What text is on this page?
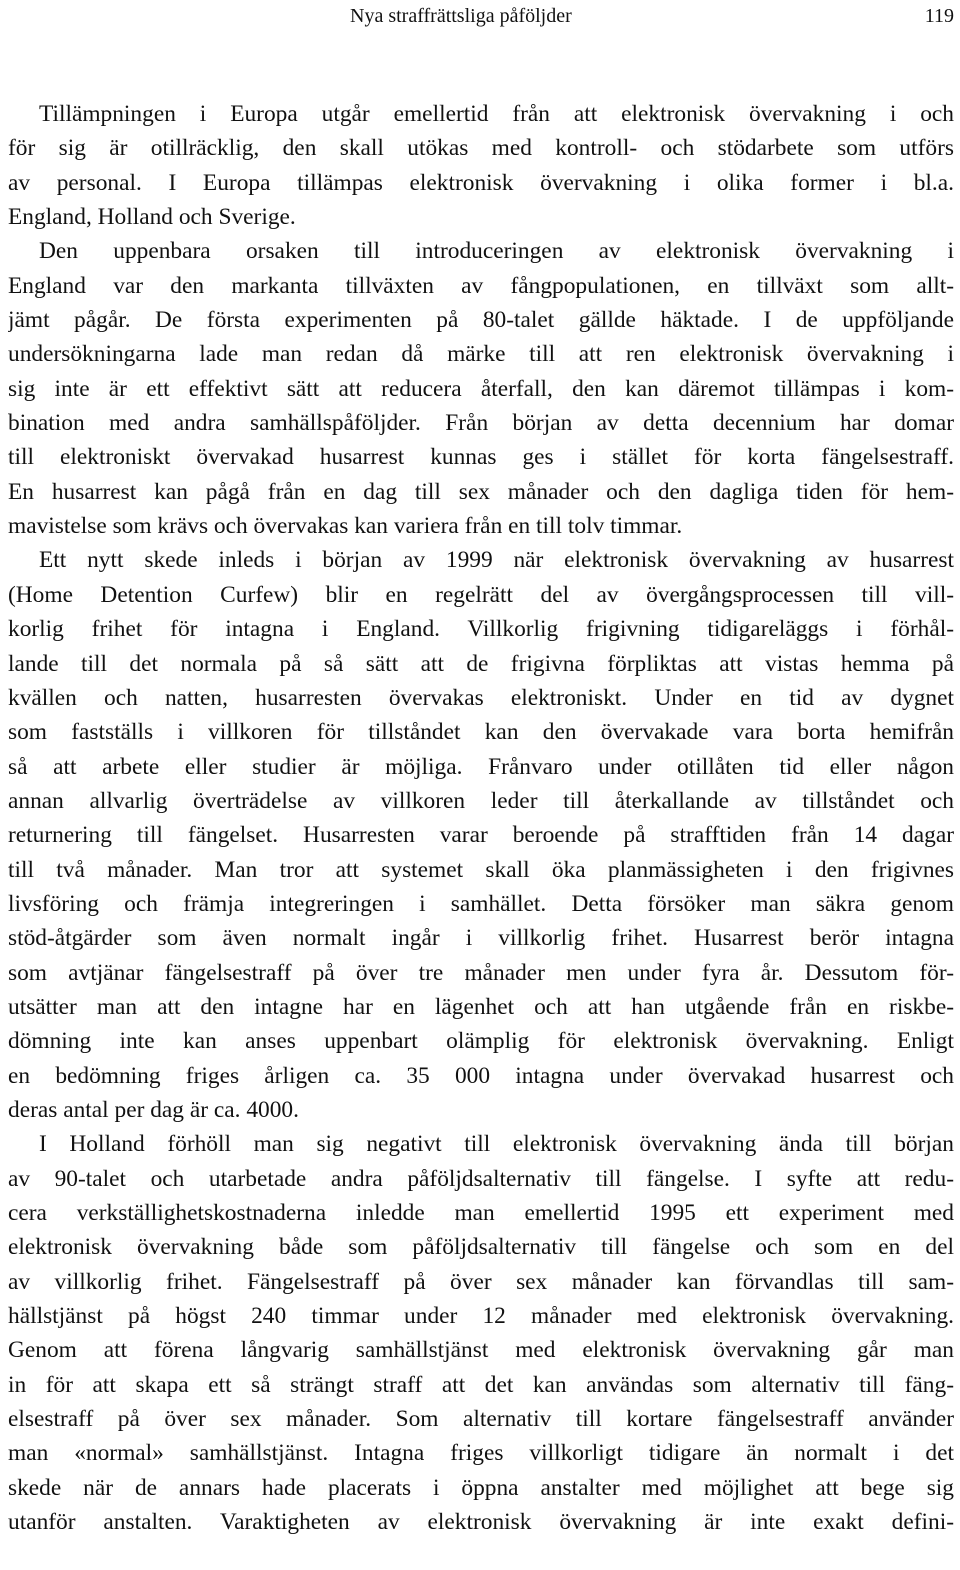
Nya straffrättsliga påföljder	119
Tillämpningen i Europa utgår emellertid från att elektronisk övervakning i och
för sig är otillräcklig, den skall utökas med kontroll- och stödarbete som utförs
av personal. I Europa tillämpas elektronisk övervakning i olika former i bl.a.
England, Holland och Sverige.
Den uppenbara orsaken till introduceringen av elektronisk övervakning i
England var den markanta tillväxten av fångpopulationen, en tillväxt som allt-
jämt pågår. De första experimenten på 80-talet gällde häktade. I de uppföljande
undersökningarna lade man redan då märke till att ren elektronisk övervakning i
sig inte är ett effektivt sätt att reducera återfall, den kan däremot tillämpas i kom-
bination med andra samhällspåföljder. Från början av detta decennium har domar
till elektroniskt övervakad husarrest kunnas ges i stället för korta fängelsestraff.
En husarrest kan pågå från en dag till sex månader och den dagliga tiden för hem-
mavistelse som krävs och övervakas kan variera från en till tolv timmar.
Ett nytt skede inleds i början av 1999 när elektronisk övervakning av husarrest
(Home Detention Curfew) blir en regelrätt del av övergångsprocessen till vill-
korlig frihet för intagna i England. Villkorlig frigivning tidigareläggs i förhål-
lande till det normala på så sätt att de frigivna förpliktas att vistas hemma på
kvällen och natten, husarresten övervakas elektroniskt. Under en tid av dygnet
som fastställs i villkoren för tillståndet kan den övervakade vara borta hemifrån
så att arbete eller studier är möjliga. Frånvaro under otillåten tid eller någon
annan allvarlig överträdelse av villkoren leder till återkallande av tillståndet och
returnering till fängelset. Husarresten varar beroende på strafftiden från 14 dagar
till två månader. Man tror att systemet skall öka planmässigheten i den frigivnes
livsföring och främja integreringen i samhället. Detta försöker man säkra genom
stöd-åtgärder som även normalt ingår i villkorlig frihet. Husarrest berör intagna
som avtjänar fängelsestraff på över tre månader men under fyra år. Dessutom för-
utsätter man att den intagne har en lägenhet och att han utgående från en riskbe-
dömning inte kan anses uppenbart olämplig för elektronisk övervakning. Enligt
en bedömning friges årligen ca. 35 000 intagna under övervakad husarrest och
deras antal per dag är ca. 4000.
I Holland förhöll man sig negativt till elektronisk övervakning ända till början
av 90-talet och utarbetade andra påföljdsalternativ till fängelse. I syfte att redu-
cera verkställighetskostnaderna inledde man emellertid 1995 ett experiment med
elektronisk övervakning både som påföljdsalternativ till fängelse och som en del
av villkorlig frihet. Fängelsestraff på över sex månader kan förvandlas till sam-
hällstjänst på högst 240 timmar under 12 månader med elektronisk övervakning.
Genom att förena långvarig samhällstjänst med elektronisk övervakning går man
in för att skapa ett så strängt straff att det kan användas som alternativ till fäng-
elsestraff på över sex månader. Som alternativ till kortare fängelsestraff använder
man «normal» samhällstjänst. Intagna friges villkorligt tidigare än normalt i det
skede när de annars hade placerats i öppna anstalter med möjlighet att bege sig
utanför anstalten. Varaktigheten av elektronisk övervakning är inte exakt defini-
